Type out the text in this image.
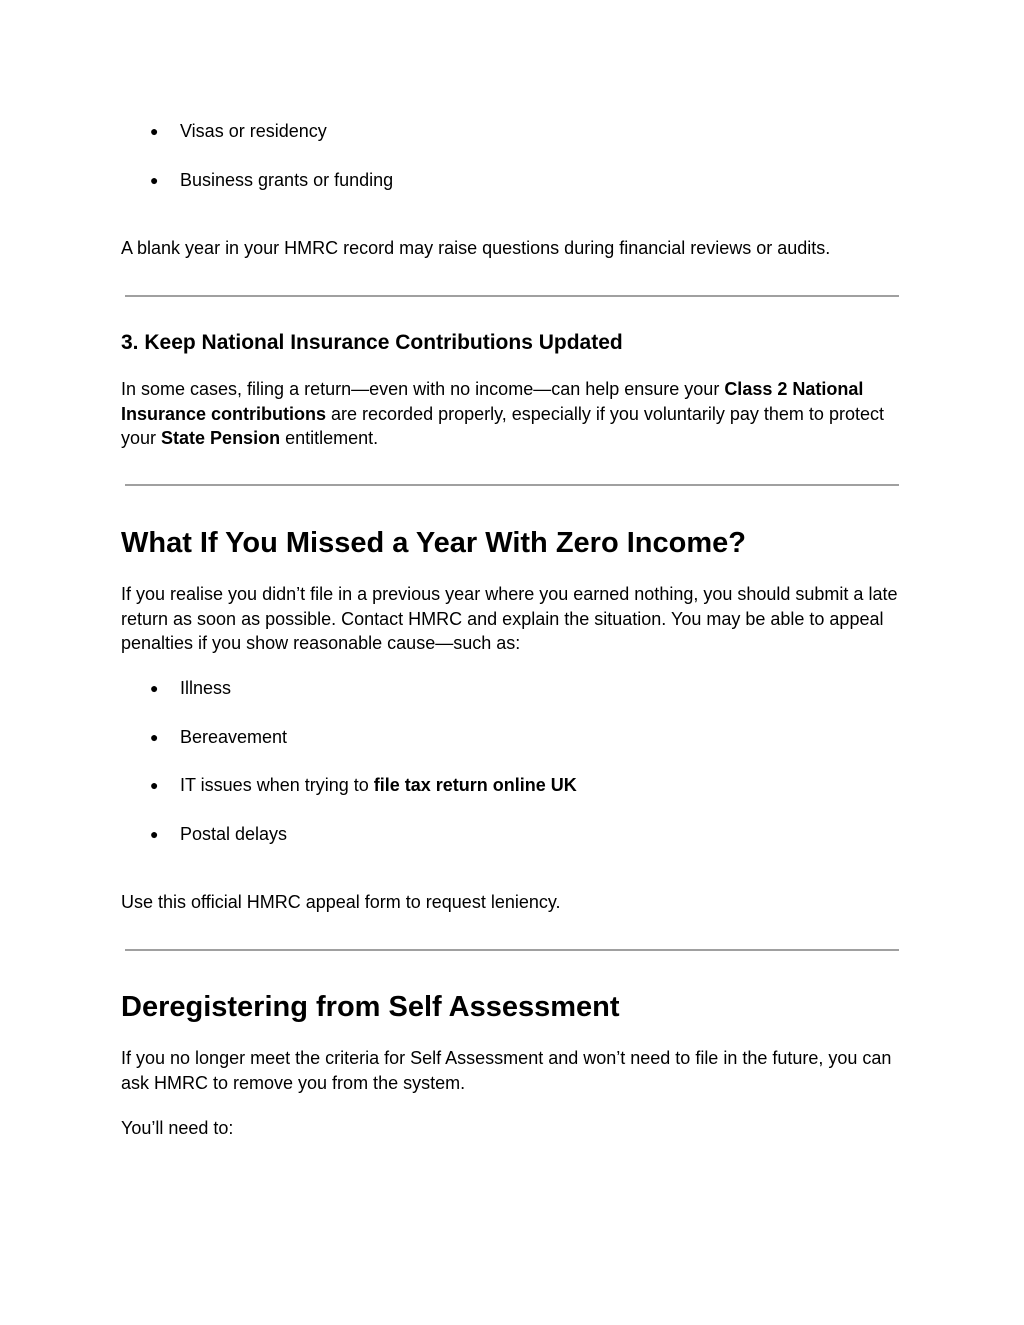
● Visas or residency
● Business grants or funding
A blank year in your HMRC record may raise questions during financial reviews or audits.
3. Keep National Insurance Contributions Updated
In some cases, filing a return—even with no income—can help ensure your Class 2 National Insurance contributions are recorded properly, especially if you voluntarily pay them to protect your State Pension entitlement.
What If You Missed a Year With Zero Income?
If you realise you didn’t file in a previous year where you earned nothing, you should submit a late return as soon as possible. Contact HMRC and explain the situation. You may be able to appeal penalties if you show reasonable cause—such as:
● Illness
● Bereavement
● IT issues when trying to file tax return online UK
● Postal delays
Use this official HMRC appeal form to request leniency.
Deregistering from Self Assessment
If you no longer meet the criteria for Self Assessment and won’t need to file in the future, you can ask HMRC to remove you from the system.
You’ll need to:
